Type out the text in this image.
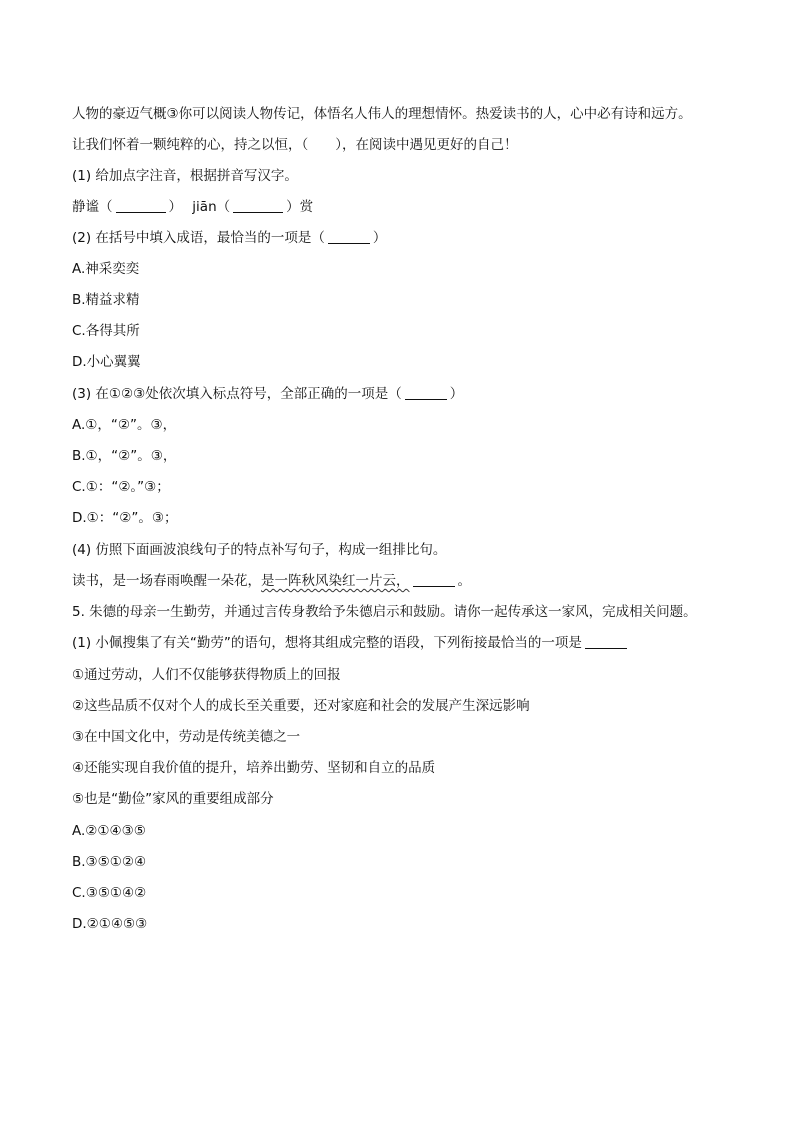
人物的豪迈气概③你可以阅读人物传记，体悟名人伟人的理想情怀。热爱读书的人，心中必有诗和远方。
让我们怀着一颗纯粹的心，持之以恒，（　　），在阅读中遇见更好的自己！
(1) 给加点字注音，根据拼音写汉字。
静谧（	） jiān（	）赏
(2) 在括号中填入成语，最恰当的一项是（	）
A.神采奕奕
B.精益求精
C.各得其所
D.小心翼翼
(3) 在①②③处依次填入标点符号，全部正确的一项是（	）
A.①，“②”。③，
B.①，“②”。③，
C.①：“②。”③；
D.①：“②”。③；
(4) 仿照下面画波浪线句子的特点补写句子，构成一组排比句。
读书，是一场春雨唤醒一朵花，是一阵秋风染红一片云，	。
5. 朱德的母亲一生勤劳，并通过言传身教给予朱德启示和鼓励。请你一起传承这一家风，完成相关问题。
(1) 小佩搜集了有关“勤劳”的语句，想将其组成完整的语段，下列衔接最恰当的一项是
①通过劳动，人们不仅能够获得物质上的回报
②这些品质不仅对个人的成长至关重要，还对家庭和社会的发展产生深远影响
③在中国文化中，劳动是传统美德之一
④还能实现自我价值的提升，培养出勤劳、坚韧和自立的品质
⑤也是“勤俭”家风的重要组成部分
A.②①④③⑤
B.③⑤①②④
C.③⑤①④②
D.②①④⑤③
